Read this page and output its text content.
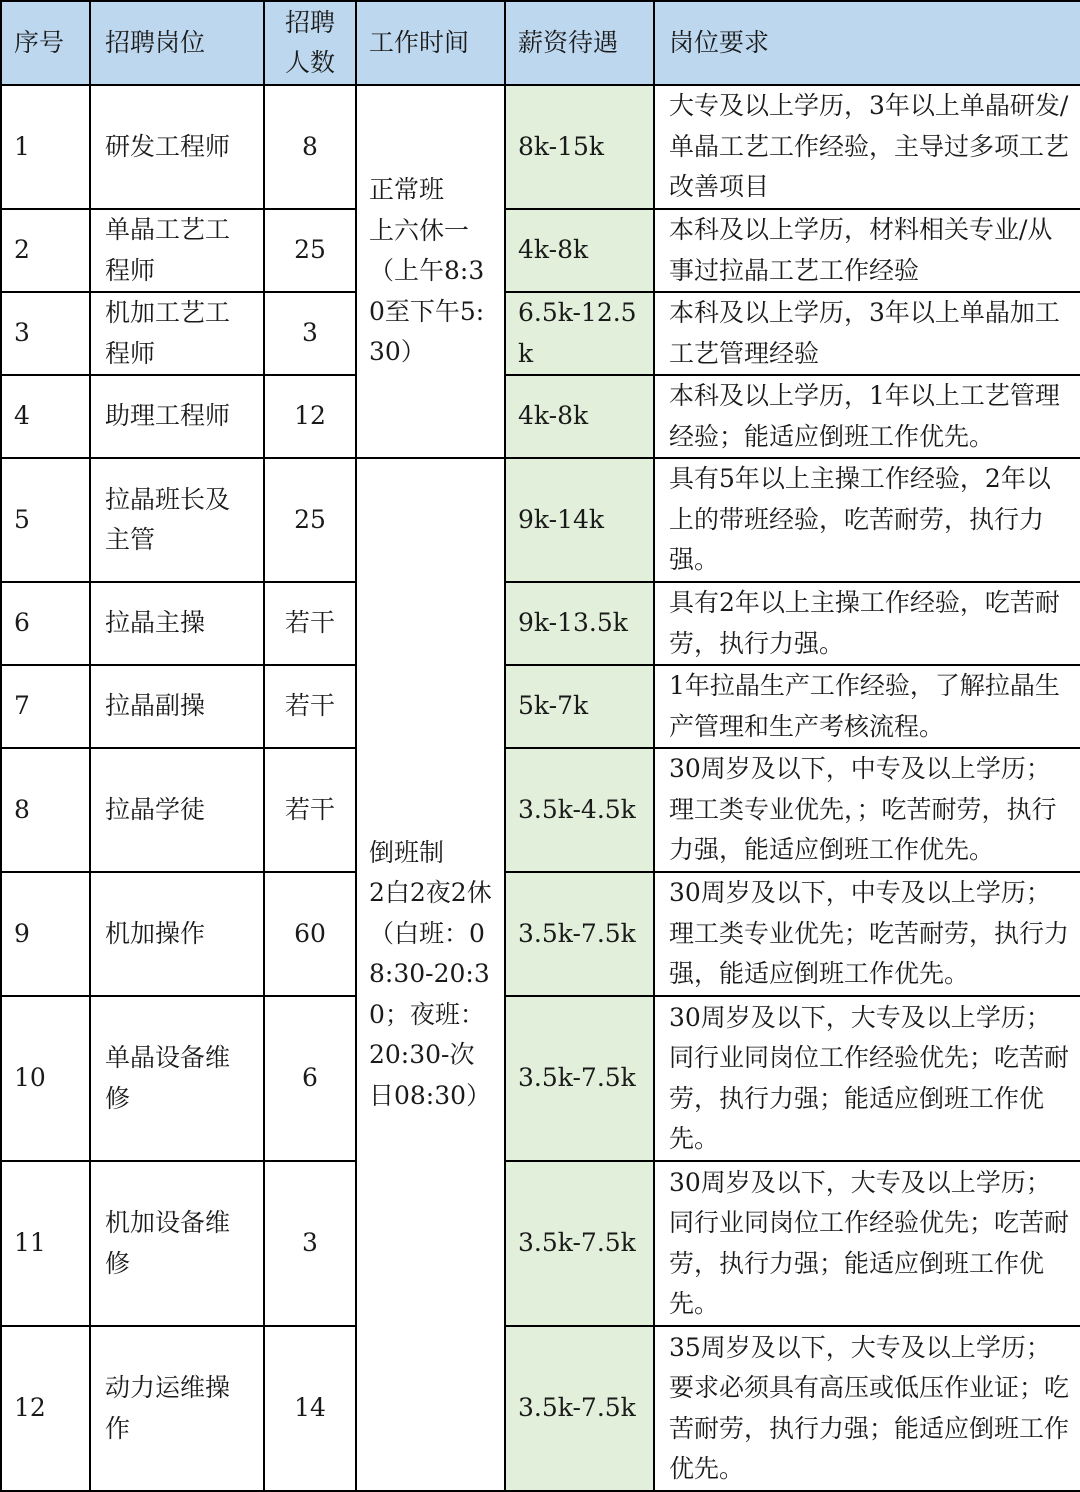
序号	招聘岗位	招聘人数	工作时间	薪资待遇	岗位要求
1	研发工程师	8	正常班
上六休一
（上午8:30至下午5:30）	8k-15k	大专及以上学历，3年以上单晶研发/单晶工艺工作经验，主导过多项工艺改善项目
2	单晶工艺工程师	25		4k-8k	本科及以上学历，材料相关专业/从事过拉晶工艺工作经验
3	机加工艺工程师	3		6.5k-12.5k	本科及以上学历，3年以上单晶加工工艺管理经验
4	助理工程师	12		4k-8k	本科及以上学历，1年以上工艺管理经验；能适应倒班工作优先。
5	拉晶班长及主管	25	倒班制
2白2夜2休
（白班：08:30-20:30；夜班：20:30-次日08:30）	9k-14k	具有5年以上主操工作经验，2年以上的带班经验，吃苦耐劳，执行力强。
6	拉晶主操	若干		9k-13.5k	具有2年以上主操工作经验，吃苦耐劳，执行力强。
7	拉晶副操	若干		5k-7k	1年拉晶生产工作经验，了解拉晶生产管理和生产考核流程。
8	拉晶学徒	若干		3.5k-4.5k	30周岁及以下，中专及以上学历；理工类专业优先，；吃苦耐劳，执行力强，能适应倒班工作优先。
9	机加操作	60		3.5k-7.5k	30周岁及以下，中专及以上学历；理工类专业优先；吃苦耐劳，执行力强，能适应倒班工作优先。
10	单晶设备维修	6		3.5k-7.5k	30周岁及以下，大专及以上学历；同行业同岗位工作经验优先；吃苦耐劳，执行力强；能适应倒班工作优先。
11	机加设备维修	3		3.5k-7.5k	30周岁及以下，大专及以上学历；同行业同岗位工作经验优先；吃苦耐劳，执行力强；能适应倒班工作优先。
12	动力运维操作	14		3.5k-7.5k	35周岁及以下，大专及以上学历；要求必须具有高压或低压作业证；吃苦耐劳，执行力强；能适应倒班工作优先。
